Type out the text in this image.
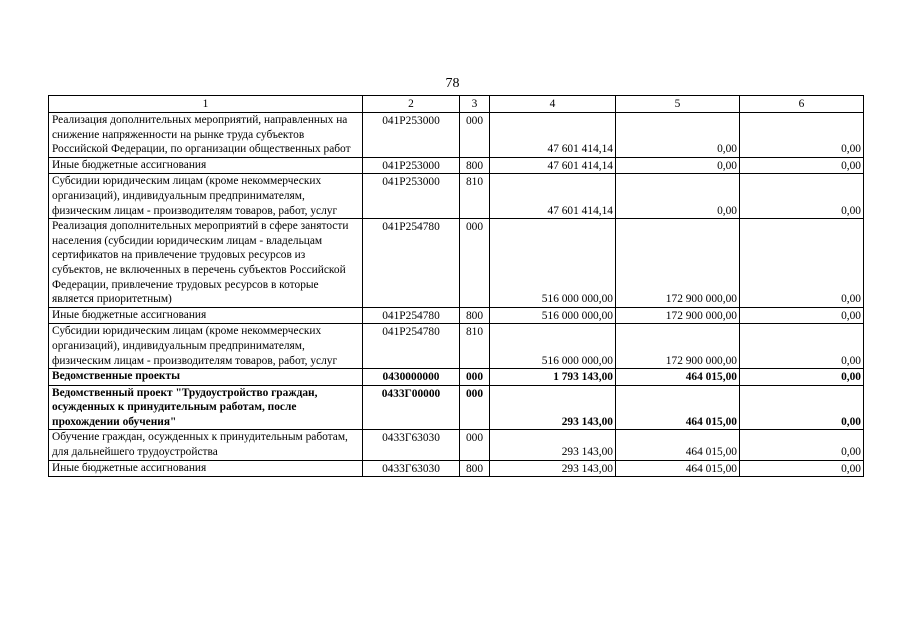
78
1	2	3	4	5	6
Реализация дополнительных мероприятий, направленных на снижение напряженности на рынке труда субъектов Российской Федерации, по организации общественных работ	041P253000	000	47 601 414,14	0,00	0,00
Иные бюджетные ассигнования	041P253000	800	47 601 414,14	0,00	0,00
Субсидии юридическим лицам (кроме некоммерческих организаций), индивидуальным предпринимателям, физическим лицам - производителям товаров, работ, услуг	041P253000	810	47 601 414,14	0,00	0,00
Реализация дополнительных мероприятий в сфере занятости населения (субсидии юридическим лицам - владельцам сертификатов на привлечение трудовых ресурсов из субъектов, не включенных в перечень субъектов Российской Федерации, привлечение трудовых ресурсов в которые является приоритетным)	041P254780	000	516 000 000,00	172 900 000,00	0,00
Иные бюджетные ассигнования	041P254780	800	516 000 000,00	172 900 000,00	0,00
Субсидии юридическим лицам (кроме некоммерческих организаций), индивидуальным предпринимателям, физическим лицам - производителям товаров, работ, услуг	041P254780	810	516 000 000,00	172 900 000,00	0,00
Ведомственные проекты	0430000000	000	1 793 143,00	464 015,00	0,00
Ведомственный проект "Трудоустройство граждан, осужденных к принудительным работам, после прохождении обучения"	0433Г00000	000	293 143,00	464 015,00	0,00
Обучение граждан, осужденных к принудительным работам, для дальнейшего трудоустройства	0433Г63030	000	293 143,00	464 015,00	0,00
Иные бюджетные ассигнования	0433Г63030	800	293 143,00	464 015,00	0,00
